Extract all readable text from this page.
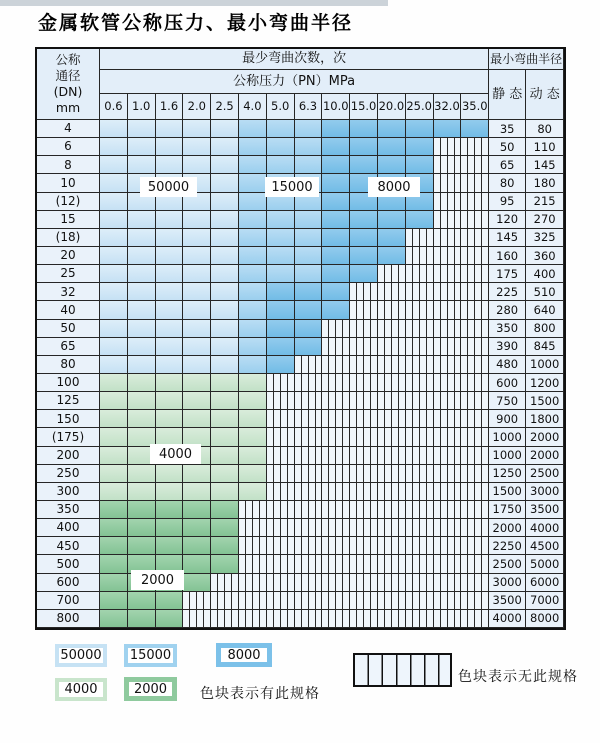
金属软管公称压力、最小弯曲半径
公称
通径
(DN)
mm
最少弯曲次数，次	最小弯曲半径
公称压力（PN）MPa
静 态 动 态
0.6 1.0 1.6 2.0 2.5 4.0 5.0 6.3 10.0 15.0 20.0 25.0 32.0 35.0
4	35	80
6	50	110
8	65	145
10	80	180
(12)	95	215
15	120	270
(18)	145	325
20	160	360
25	175	400
32	225	510
40	280	640
50	350	800
65	390	845
80	480	1000
100	600	1200
125	750	1500
150	900	1800
(175)	1000 2000
200	1000 2000
250	1250 2500
300	1500 3000
350	1750 3500
400	2000 4000
450	2250 4500
500	2500 5000
600	3000 6000
700	3500 7000
800	4000 8000
50000	15000	8000
4000
2000
50000 15000	8000
4000	2000	色块表示有此规格
色块表示无此规格
